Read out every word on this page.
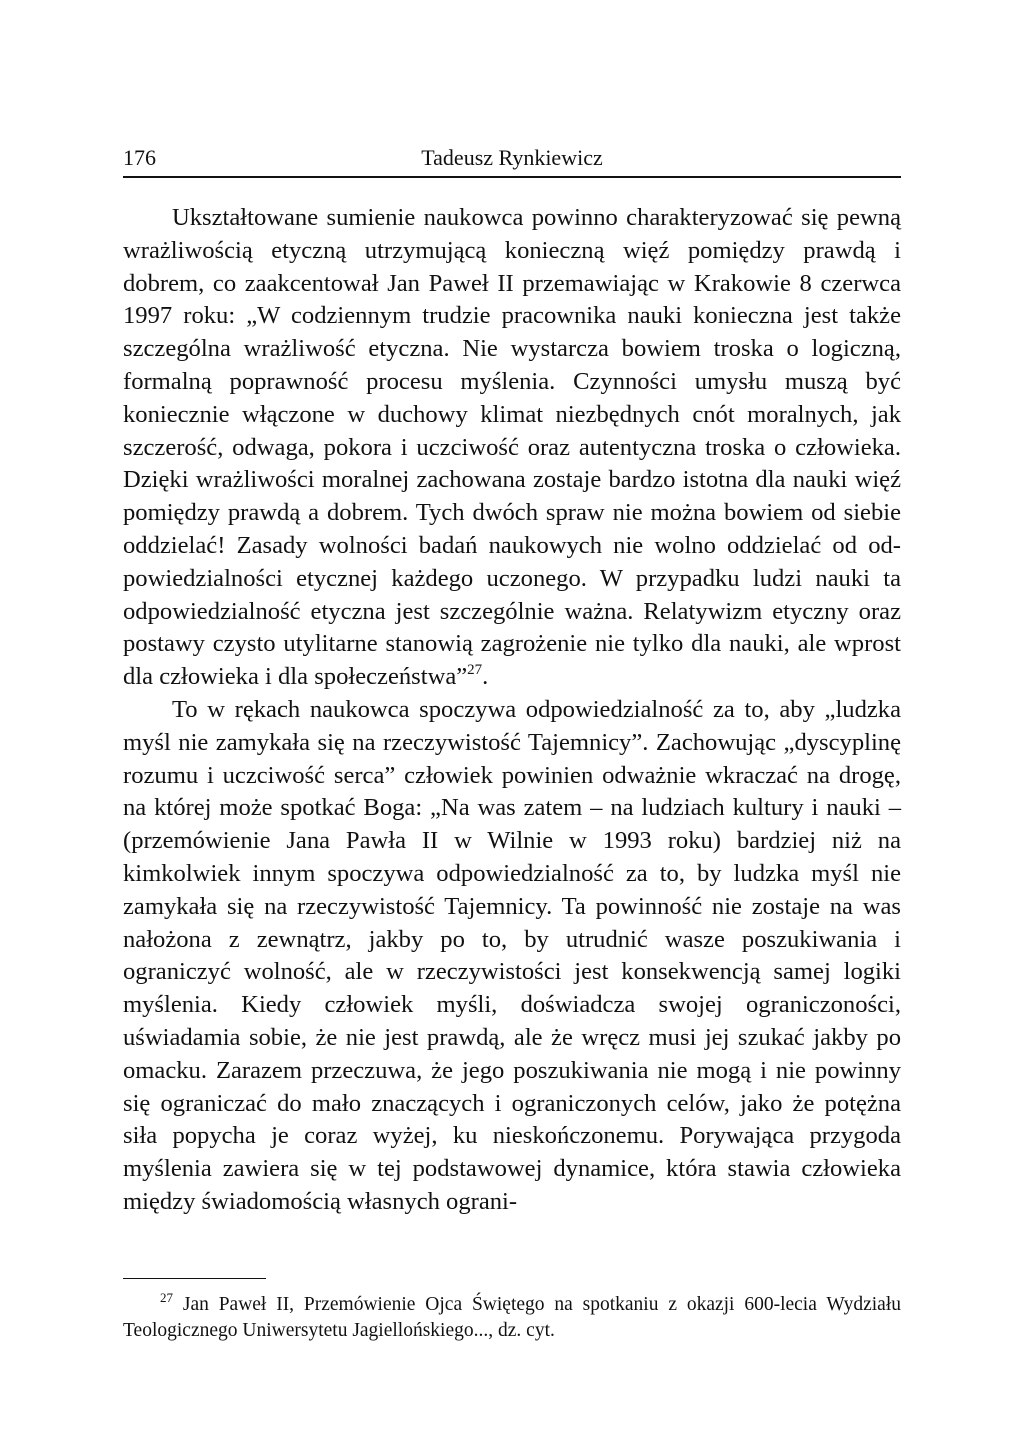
176	Tadeusz Rynkiewicz

Ukształtowane sumienie naukowca powinno charakteryzować się pewną wrażliwością etyczną utrzymującą konieczną więź pomiędzy prawdą i dobrem, co zaakcentował Jan Paweł II przemawiając w Krakowie 8 czerwca 1997 roku: „W codziennym trudzie pracownika nauki konieczna jest także szczególna wrażliwość etyczna. Nie wystarcza bowiem troska o logiczną, formalną poprawność procesu myślenia. Czynności umysłu muszą być koniecznie włączone w duchowy klimat niezbędnych cnót moralnych, jak szczerość, odwaga, pokora i uczciwość oraz autentyczna troska o człowieka. Dzięki wrażliwości moralnej zachowana zostaje bardzo istotna dla nauki więź pomiędzy prawdą a dobrem. Tych dwóch spraw nie można bowiem od siebie oddzielać! Zasady wolności badań naukowych nie wolno oddzielać od odpowiedzialności etycznej każdego uczonego. W przypadku ludzi nauki ta odpowiedzialność etyczna jest szczególnie ważna. Relatywizm etyczny oraz postawy czysto utylitarne stanowią zagrożenie nie tylko dla nauki, ale wprost dla człowieka i dla społeczeństwa”$^{27}$.

To w rękach naukowca spoczywa odpowiedzialność za to, aby „ludzka myśl nie zamykała się na rzeczywistość Tajemnicy”. Zachowując „dyscyplinę rozumu i uczciwość serca” człowiek powinien odważnie wkraczać na drogę, na której może spotkać Boga: „Na was zatem – na ludziach kultury i nauki – (przemówienie Jana Pawła II w Wilnie w 1993 roku) bardziej niż na kimkolwiek innym spoczywa odpowiedzialność za to, by ludzka myśl nie zamykała się na rzeczywistość Tajemnicy. Ta powinność nie zostaje na was nałożona z zewnątrz, jakby po to, by utrudnić wasze poszukiwania i ograniczyć wolność, ale w rzeczywistości jest konsekwencją samej logiki myślenia. Kiedy człowiek myśli, doświadcza swojej ograniczoności, uświadamia sobie, że nie jest prawdą, ale że wręcz musi jej szukać jakby po omacku. Zarazem przeczuwa, że jego poszukiwania nie mogą i nie powinny się ograniczać do mało znaczących i ograniczonych celów, jako że potężna siła popycha je coraz wyżej, ku nieskończonemu. Porywająca przygoda myślenia zawiera się w tej podstawowej dynamice, która stawia człowieka między świadomością własnych ograni-

$^{27}$ Jan Paweł II, Przemówienie Ojca Świętego na spotkaniu z okazji 600-lecia Wydziału Teologicznego Uniwersytetu Jagiellońskiego..., dz. cyt.
